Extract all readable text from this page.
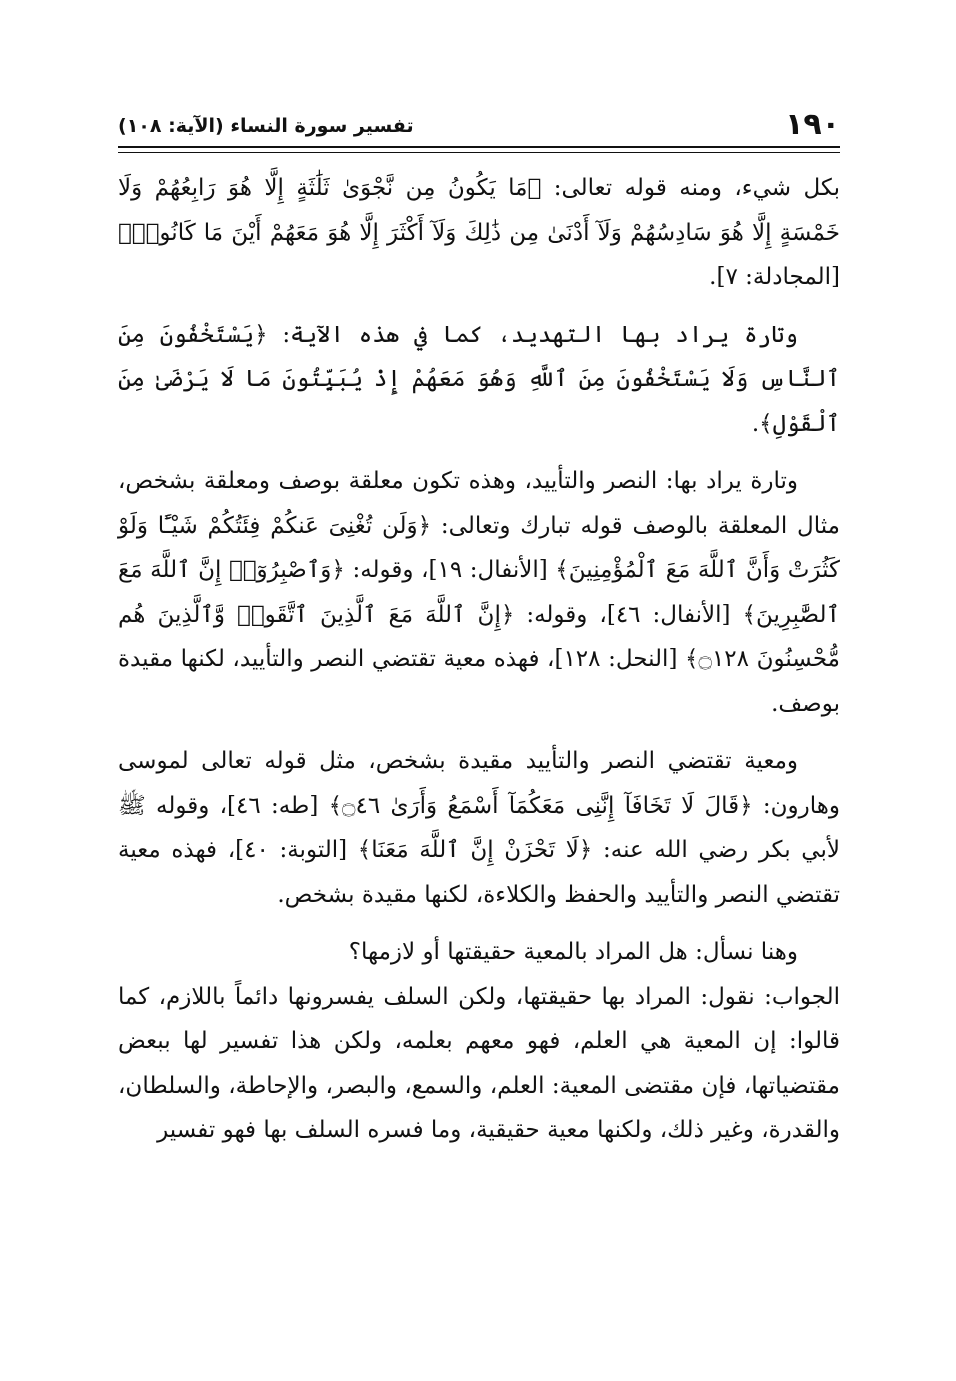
١٩٠
تفسير سورة النساء (الآية: ١٠٨)

بكل شيء، ومنه قوله تعالى: ﴿مَا يَكُونُ مِن نَّجْوَىٰ ثَلَٰثَةٍ إِلَّا هُوَ رَابِعُهُمْ وَلَا خَمْسَةٍ إِلَّا هُوَ سَادِسُهُمْ وَلَآ أَدْنَىٰ مِن ذَٰلِكَ وَلَآ أَكْثَرَ إِلَّا هُوَ مَعَهُمْ أَيْنَ مَا كَانُوا۟﴾ [المجادلة: ٧].

وتارة يراد بها التهديد، كما في هذه الآية: ﴿يَسْتَخْفُونَ مِنَ ٱلنَّاسِ وَلَا يَسْتَخْفُونَ مِنَ ٱللَّهِ وَهُوَ مَعَهُمْ إِذْ يُبَيِّتُونَ مَا لَا يَرْضَىٰ مِنَ ٱلْقَوْلِ﴾.

وتارة يراد بها: النصر والتأييد، وهذه تكون معلقة بوصف ومعلقة بشخص، مثال المعلقة بالوصف قوله تبارك وتعالى: ﴿وَلَن تُغْنِىَ عَنكُمْ فِئَتُكُمْ شَيْـًٔا وَلَوْ كَثُرَتْ وَأَنَّ ٱللَّهَ مَعَ ٱلْمُؤْمِنِينَ﴾ [الأنفال: ١٩]، وقوله: ﴿وَٱصْبِرُوٓا۟ إِنَّ ٱللَّهَ مَعَ ٱلصَّٰبِرِينَ﴾ [الأنفال: ٤٦]، وقوله: ﴿إِنَّ ٱللَّهَ مَعَ ٱلَّذِينَ ٱتَّقَوا۟ وَّٱلَّذِينَ هُم مُّحْسِنُونَ ۝١٢٨﴾ [النحل: ١٢٨]، فهذه معية تقتضي النصر والتأييد، لكنها مقيدة بوصف.

ومعية تقتضي النصر والتأييد مقيدة بشخص، مثل قوله تعالى لموسى وهارون: ﴿قَالَ لَا تَخَافَآ إِنَّنِى مَعَكُمَآ أَسْمَعُ وَأَرَىٰ ۝٤٦﴾ [طه: ٤٦]، وقوله ﷺ لأبي بكر رضي الله عنه: ﴿لَا تَحْزَنْ إِنَّ ٱللَّهَ مَعَنَا﴾ [التوبة: ٤٠]، فهذه معية تقتضي النصر والتأييد والحفظ والكلاءة، لكنها مقيدة بشخص.

وهنا نسأل: هل المراد بالمعية حقيقتها أو لازمها؟

الجواب: نقول: المراد بها حقيقتها، ولكن السلف يفسرونها دائماً باللازم، كما قالوا: إن المعية هي العلم، فهو معهم بعلمه، ولكن هذا تفسير لها ببعض مقتضياتها، فإن مقتضى المعية: العلم، والسمع، والبصر، والإحاطة، والسلطان، والقدرة، وغير ذلك، ولكنها معية حقيقية، وما فسره السلف بها فهو تفسير
